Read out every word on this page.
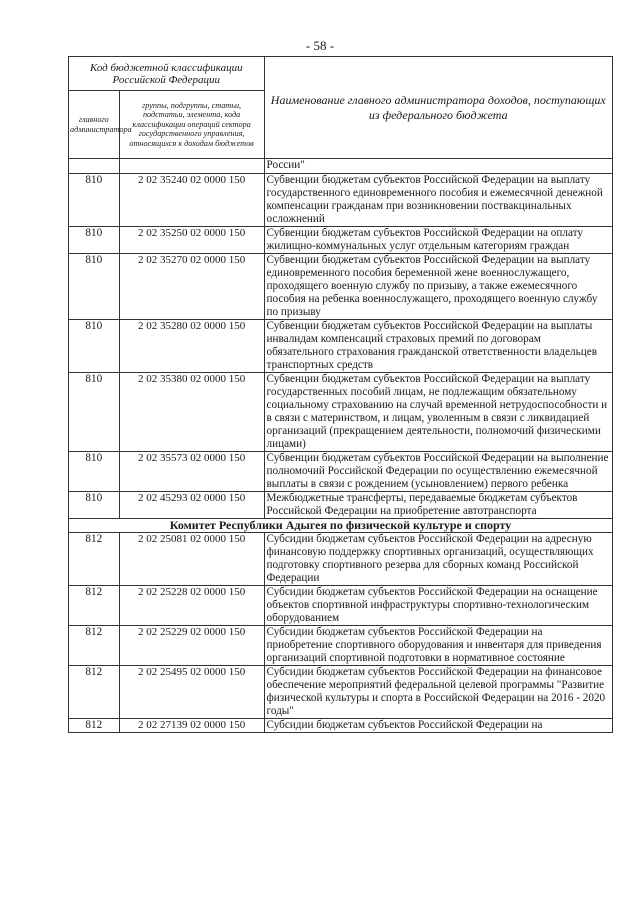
- 58 -
Код бюджетной классификации Российской Федерации		Наименование главного администратора доходов, поступающих из федерального бюджета
главного администратора	группы, подгруппы, статьи, подстатьи, элемента, кода классификации операций сектора государственного управления, относящихся к доходам бюджетов	
		России"
810	2 02 35240 02 0000 150	Субвенции бюджетам субъектов Российской Федерации на выплату государственного единовременного пособия и ежемесячной денежной компенсации гражданам при возникновении поствакцинальных осложнений
810	2 02 35250 02 0000 150	Субвенции бюджетам субъектов Российской Федерации на оплату жилищно-коммунальных услуг отдельным категориям граждан
810	2 02 35270 02 0000 150	Субвенции бюджетам субъектов Российской Федерации на выплату единовременного пособия беременной жене военнослужащего, проходящего военную службу по призыву, а также ежемесячного пособия на ребенка военнослужащего, проходящего военную службу по призыву
810	2 02 35280 02 0000 150	Субвенции бюджетам субъектов Российской Федерации на выплаты инвалидам компенсаций страховых премий по договорам обязательного страхования гражданской ответственности владельцев транспортных средств
810	2 02 35380 02 0000 150	Субвенции бюджетам субъектов Российской Федерации на выплату государственных пособий лицам, не подлежащим обязательному социальному страхованию на случай временной нетрудоспособности и в связи с материнством, и лицам, уволенным в связи с ликвидацией организаций (прекращением деятельности, полномочий физическими лицами)
810	2 02 35573 02 0000 150	Субвенции бюджетам субъектов Российской Федерации на выполнение полномочий Российской Федерации по осуществлению ежемесячной выплаты в связи с рождением (усыновлением) первого ребенка
810	2 02 45293 02 0000 150	Межбюджетные трансферты, передаваемые бюджетам субъектов Российской Федерации на приобретение автотранспорта
Комитет Республики Адыгея по физической культуре и спорту		
812	2 02 25081 02 0000 150	Субсидии бюджетам субъектов Российской Федерации на адресную финансовую поддержку спортивных организаций, осуществляющих подготовку спортивного резерва для сборных команд Российской Федерации
812	2 02 25228 02 0000 150	Субсидии бюджетам субъектов Российской Федерации на оснащение объектов спортивной инфраструктуры спортивно-технологическим оборудованием
812	2 02 25229 02 0000 150	Субсидии бюджетам субъектов Российской Федерации на приобретение спортивного оборудования и инвентаря для приведения организаций спортивной подготовки в нормативное состояние
812	2 02 25495 02 0000 150	Субсидии бюджетам субъектов Российской Федерации на финансовое обеспечение мероприятий федеральной целевой программы "Развитие физической культуры и спорта в Российской Федерации на 2016 - 2020 годы"
812	2 02 27139 02 0000 150	Субсидии бюджетам субъектов Российской Федерации на
